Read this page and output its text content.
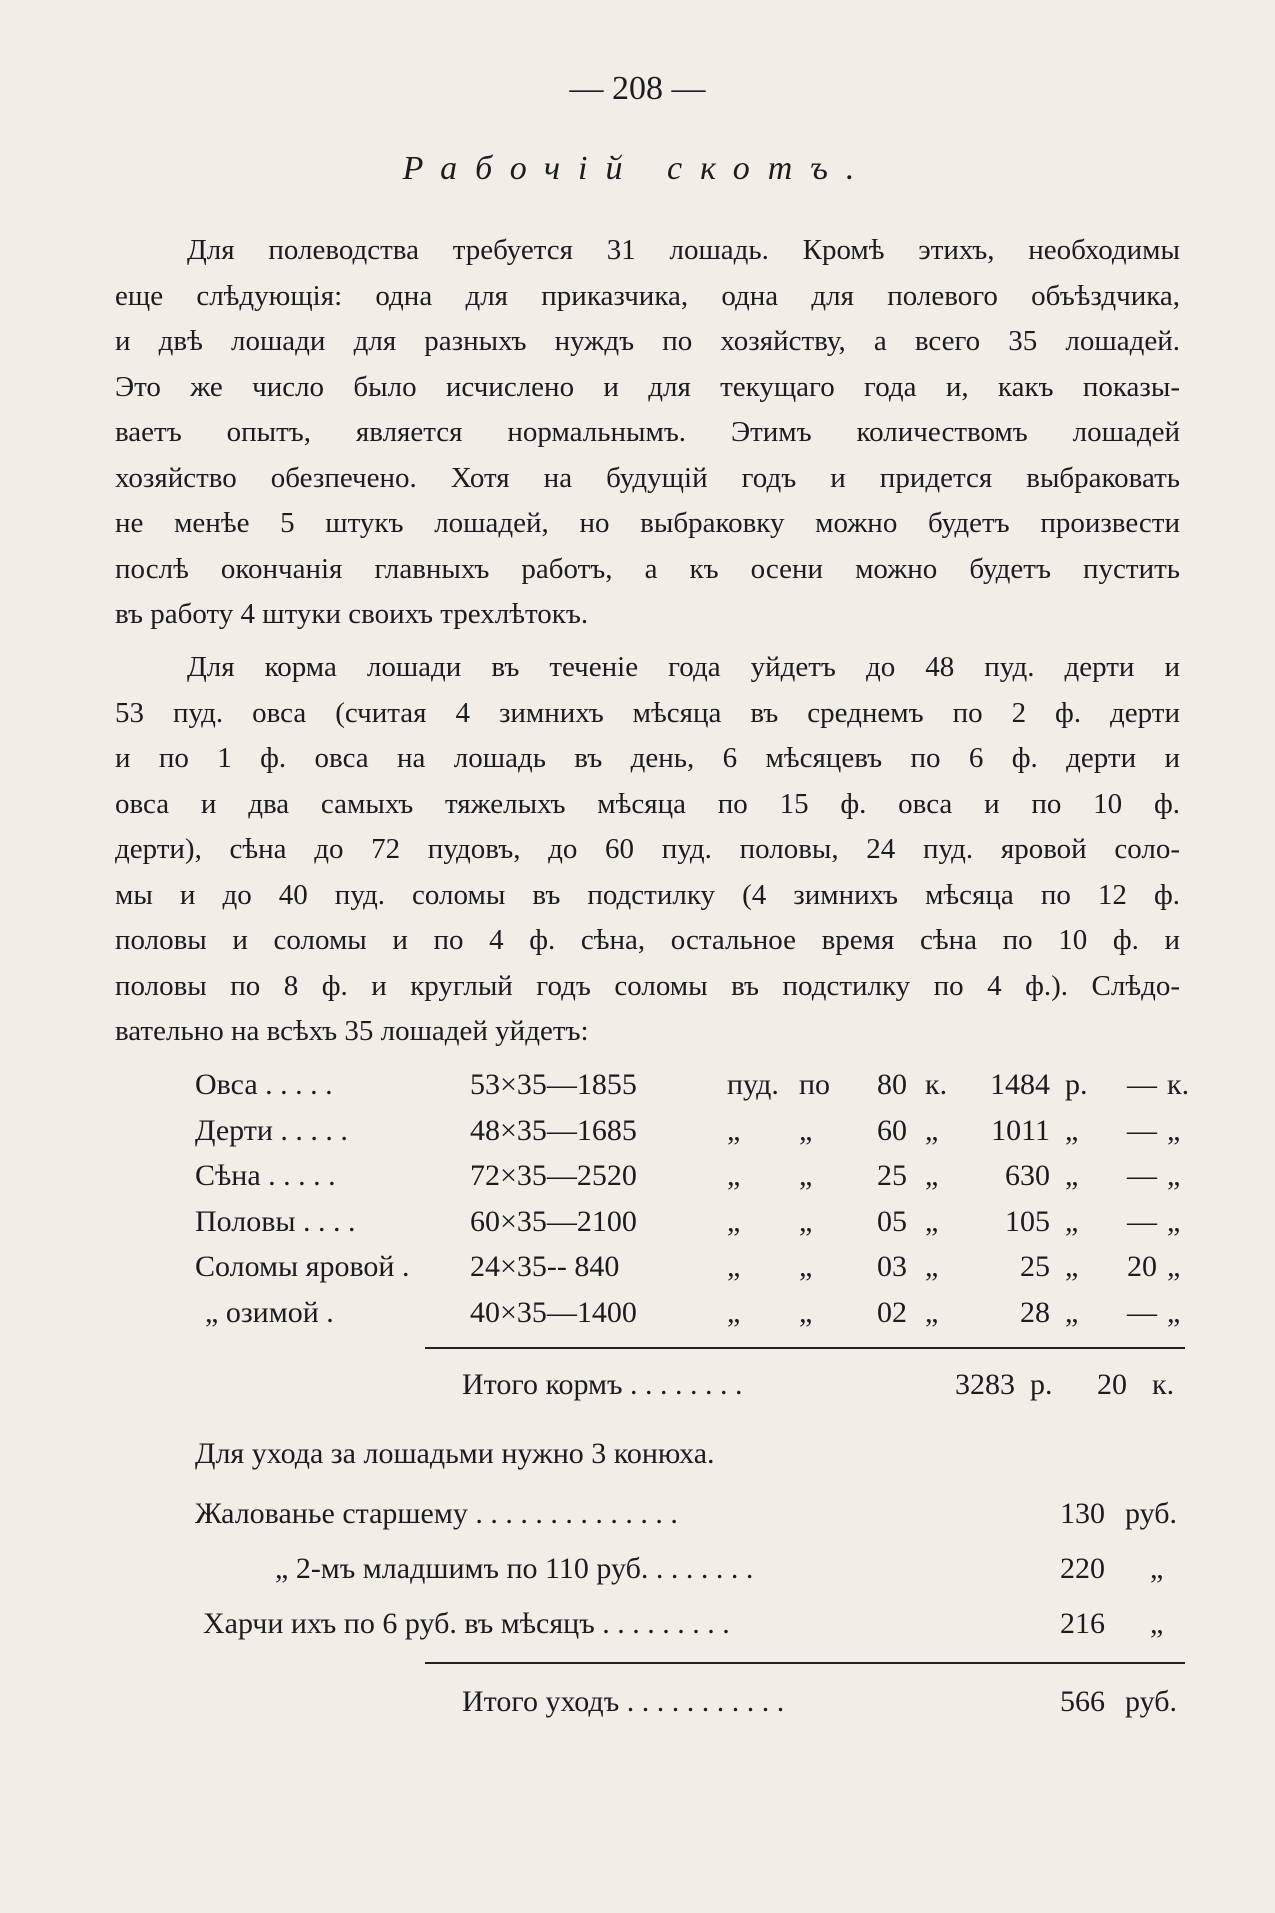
— 208 —
Рабочій скотъ.
Для полеводства требуется 31 лошадь. Кромѣ этихъ, необходимы
еще слѣдующія: одна для приказчика, одна для полевого объѣздчика,
и двѣ лошади для разныхъ нуждъ по хозяйству, а всего 35 лошадей.
Это же число было исчислено и для текущаго года и, какъ показы-
ваетъ опытъ, является нормальнымъ. Этимъ количествомъ лошадей
хозяйство обезпечено. Хотя на будущій годъ и придется выбраковать
не менѣе 5 штукъ лошадей, но выбраковку можно будетъ произвести
послѣ окончанія главныхъ работъ, а къ осени можно будетъ пустить
въ работу 4 штуки своихъ трехлѣтокъ.
Для корма лошади въ теченіе года уйдетъ до 48 пуд. дерти и
53 пуд. овса (считая 4 зимнихъ мѣсяца въ среднемъ по 2 ф. дерти
и по 1 ф. овса на лошадь въ день, 6 мѣсяцевъ по 6 ф. дерти и
овса и два самыхъ тяжелыхъ мѣсяца по 15 ф. овса и по 10 ф.
дерти), сѣна до 72 пудовъ, до 60 пуд. половы, 24 пуд. яровой соло-
мы и до 40 пуд. соломы въ подстилку (4 зимнихъ мѣсяца по 12 ф.
половы и соломы и по 4 ф. сѣна, остальное время сѣна по 10 ф. и
половы по 8 ф. и круглый годъ соломы въ подстилку по 4 ф.). Слѣдо-
вательно на всѣхъ 35 лошадей уйдетъ:
Овса . . . . .	53×35—1855	пуд. по	80 к.	1484 р.	— к.
Дерти . . . . .	48×35—1685	„	„	60 „	1011 „	— „
Сѣна . . . . .	72×35—2520	„	„	25 „	630 „	— „
Половы . . . .	60×35—2100	„	„	05 „	105 „	— „
Соломы яровой . 24×35-- 840	„	„	03 „	25 „	20 „
„ озимой .	40×35—1400	„	„	02 „	28 „	— „
Итого кормъ . . . . . . . .	3283 р. 20 к.
Для ухода за лошадьми нужно 3 конюха.
Жалованье старшему . . . . . . . . . . . . . .	130 руб.
„ 2-мъ младшимъ по 110 руб. . . . . . . .	220 „
Харчи ихъ по 6 руб. въ мѣсяцъ . . . . . . . . .	216 „
Итого уходъ . . . . . . . . . . .	566 руб.
